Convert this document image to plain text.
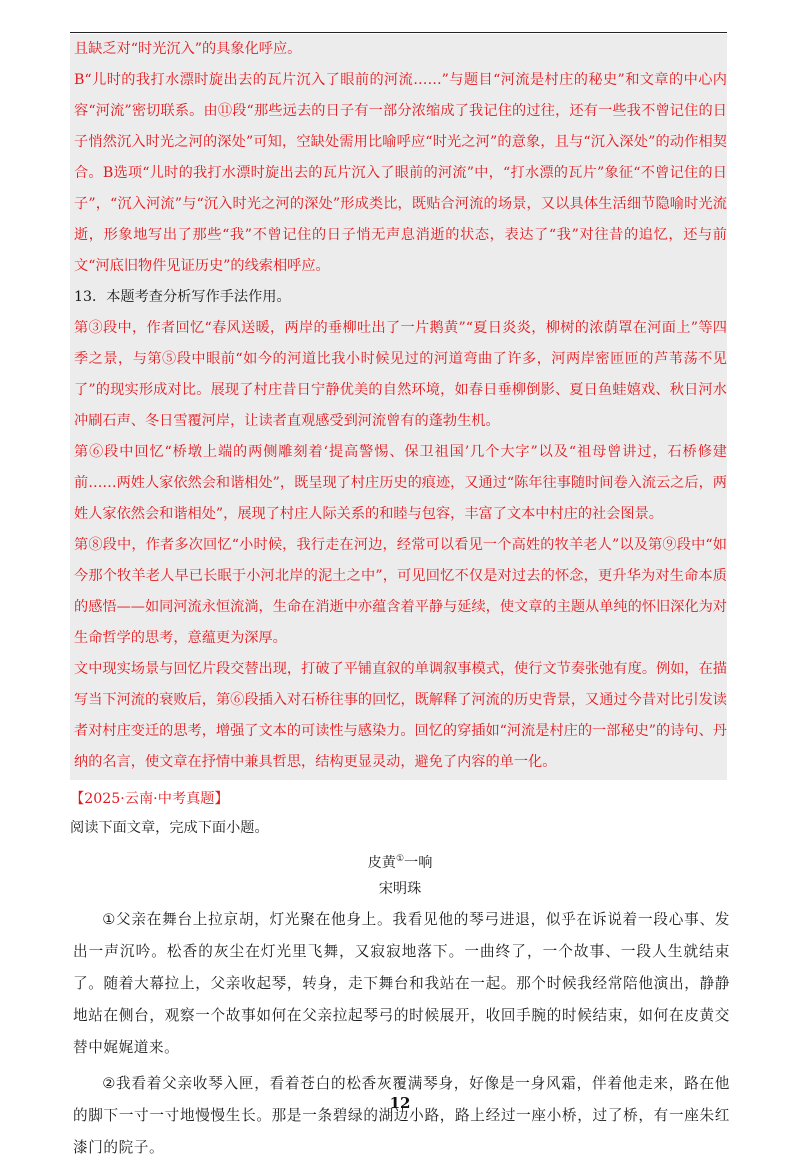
且缺乏对“时光沉入”的具象化呼应。

B“儿时的我打水漂时旋出去的瓦片沉入了眼前的河流……”与题目“河流是村庄的秘史”和文章的中心内容“河流”密切联系。由⑪段“那些远去的日子有一部分浓缩成了我记住的过往，还有一些我不曾记住的日子悄然沉入时光之河的深处”可知，空缺处需用比喻呼应“时光之河”的意象，且与“沉入深处”的动作相契合。B选项“儿时的我打水漂时旋出去的瓦片沉入了眼前的河流”中，“打水漂的瓦片”象征“不曾记住的日子”，“沉入河流”与“沉入时光之河的深处”形成类比，既贴合河流的场景，又以具体生活细节隐喻时光流逝，形象地写出了那些“我”不曾记住的日子悄无声息消逝的状态，表达了“我”对往昔的追忆，还与前文“河底旧物件见证历史”的线索相呼应。

13．本题考查分析写作手法作用。

第③段中，作者回忆“春风送暖，两岸的垂柳吐出了一片鹅黄”“夏日炎炎，柳树的浓荫罩在河面上”等四季之景，与第⑤段中眼前“如今的河道比我小时候见过的河道弯曲了许多，河两岸密匝匝的芦苇荡不见了”的现实形成对比。展现了村庄昔日宁静优美的自然环境，如春日垂柳倒影、夏日鱼蛙嬉戏、秋日河水冲刷石声、冬日雪覆河岸，让读者直观感受到河流曾有的蓬勃生机。

第⑥段中回忆“桥墩上端的两侧雕刻着‘提高警惕、保卫祖国’几个大字”以及“祖母曾讲过，石桥修建前……两姓人家依然会和谐相处”，既呈现了村庄历史的痕迹，又通过“陈年往事随时间卷入流云之后，两姓人家依然会和谐相处”，展现了村庄人际关系的和睦与包容，丰富了文本中村庄的社会图景。

第⑧段中，作者多次回忆“小时候，我行走在河边，经常可以看见一个高姓的牧羊老人”以及第⑨段中“如今那个牧羊老人早已长眠于小河北岸的泥土之中”，可见回忆不仅是对过去的怀念，更升华为对生命本质的感悟——如同河流永恒流淌，生命在消逝中亦蕴含着平静与延续，使文章的主题从单纯的怀旧深化为对生命哲学的思考，意蕴更为深厚。

文中现实场景与回忆片段交替出现，打破了平铺直叙的单调叙事模式，使行文节奏张弛有度。例如，在描写当下河流的衰败后，第⑥段插入对石桥往事的回忆，既解释了河流的历史背景，又通过今昔对比引发读者对村庄变迁的思考，增强了文本的可读性与感染力。回忆的穿插如“河流是村庄的一部秘史”的诗句、丹纳的名言，使文章在抒情中兼具哲思，结构更显灵动，避免了内容的单一化。

【2025·云南·中考真题】
阅读下面文章，完成下面小题。
皮黄①一响
宋明珠

①父亲在舞台上拉京胡，灯光聚在他身上。我看见他的琴弓进退，似乎在诉说着一段心事、发出一声沉吟。松香的灰尘在灯光里飞舞，又寂寂地落下。一曲终了，一个故事、一段人生就结束了。随着大幕拉上，父亲收起琴，转身，走下舞台和我站在一起。那个时候我经常陪他演出，静静地站在侧台，观察一个故事如何在父亲拉起琴弓的时候展开，收回手腕的时候结束，如何在皮黄交替中娓娓道来。

②我看着父亲收琴入匣，看着苍白的松香灰覆满琴身，好像是一身风霜，伴着他走来，路在他的脚下一寸一寸地慢慢生长。那是一条碧绿的湖边小路，路上经过一座小桥，过了桥，有一座朱红漆门的院子。

12
